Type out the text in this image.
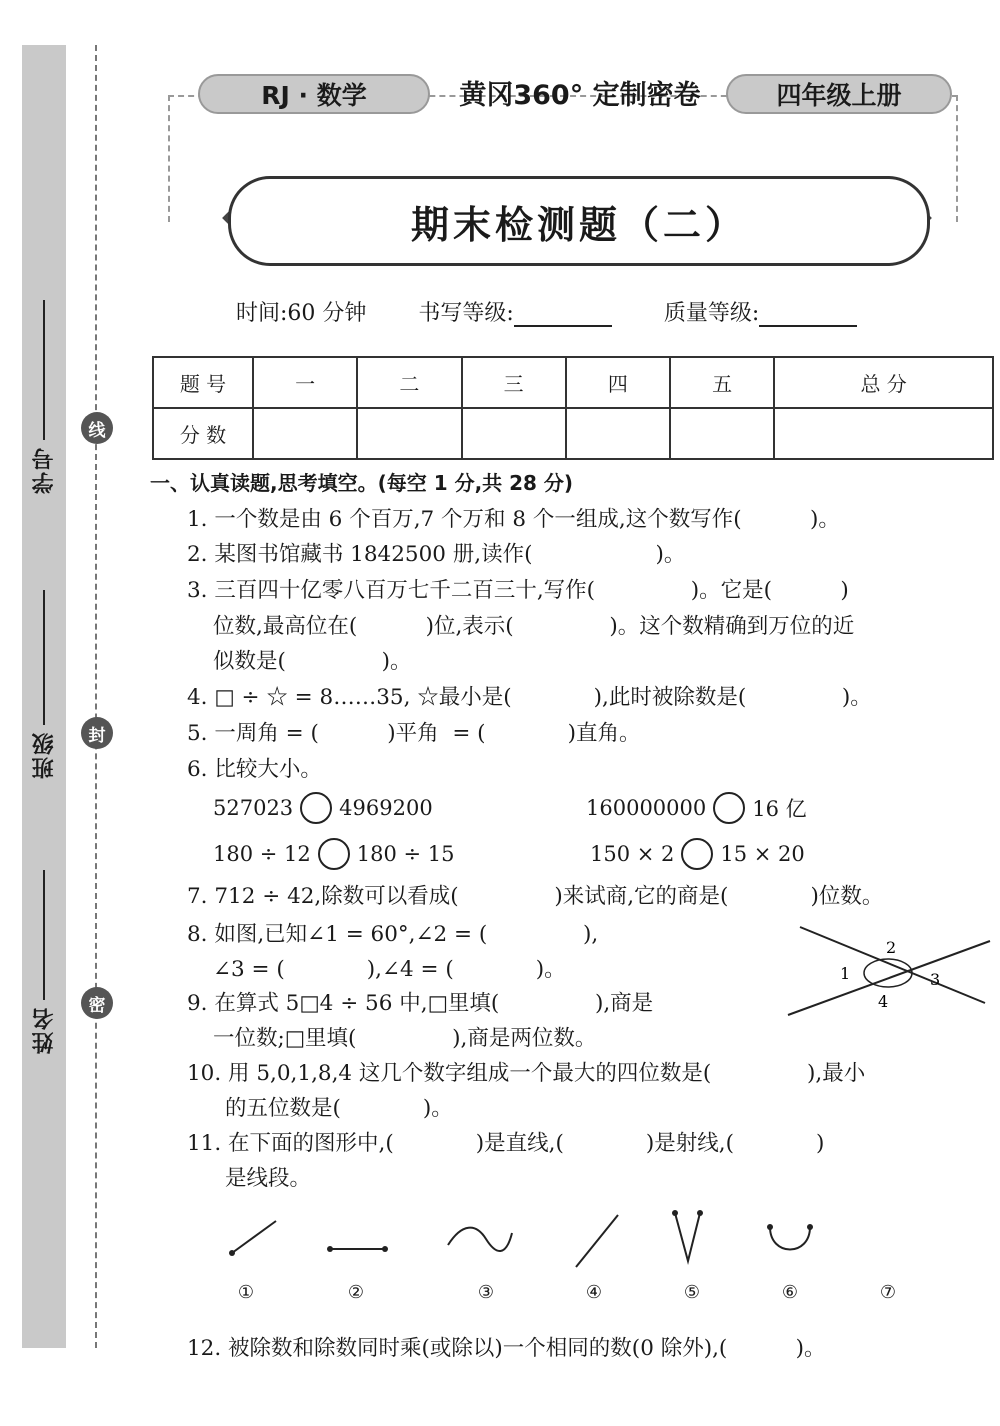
学号
班级
姓名
线
封
密
RJ · 数学	黄冈360° 定制密卷	四年级上册
期末检测题（二）
时间:60 分钟 书写等级:	质量等级:
题 号	一	二	三	四	五	总 分
分 数						
一、认真读题,思考填空。(每空 1 分,共 28 分)
1. 一个数是由 6 个百万,7 个万和 8 个一组成,这个数写作(          )。
2. 某图书馆藏书 1842500 册,读作(                  )。
3. 三百四十亿零八百万七千二百三十,写作(              )。它是(          )
位数,最高位在(          )位,表示(              )。这个数精确到万位的近
似数是(              )。
4. □ ÷ ☆ = 8……35, ☆最小是(            ),此时被除数是(              )。
5. 一周角 = (          )平角  = (            )直角。
6. 比较大小。
527023 4969200	160000000 16 亿
180 ÷ 12 180 ÷ 15	150 × 2 15 × 20
7. 712 ÷ 42,除数可以看成(              )来试商,它的商是(            )位数。
8. 如图,已知∠1 = 60°,∠2 = (              ),
∠3 = (            ),∠4 = (            )。
2
1	3
4
9. 在算式 5□4 ÷ 56 中,□里填(              ),商是
一位数;□里填(              ),商是两位数。
10. 用 5,0,1,8,4 这几个数字组成一个最大的四位数是(              ),最小
的五位数是(            )。
11. 在下面的图形中,(            )是直线,(            )是射线,(            )
是线段。
①	②	③	④	⑤	⑥	⑦
12. 被除数和除数同时乘(或除以)一个相同的数(0 除外),(          )。
